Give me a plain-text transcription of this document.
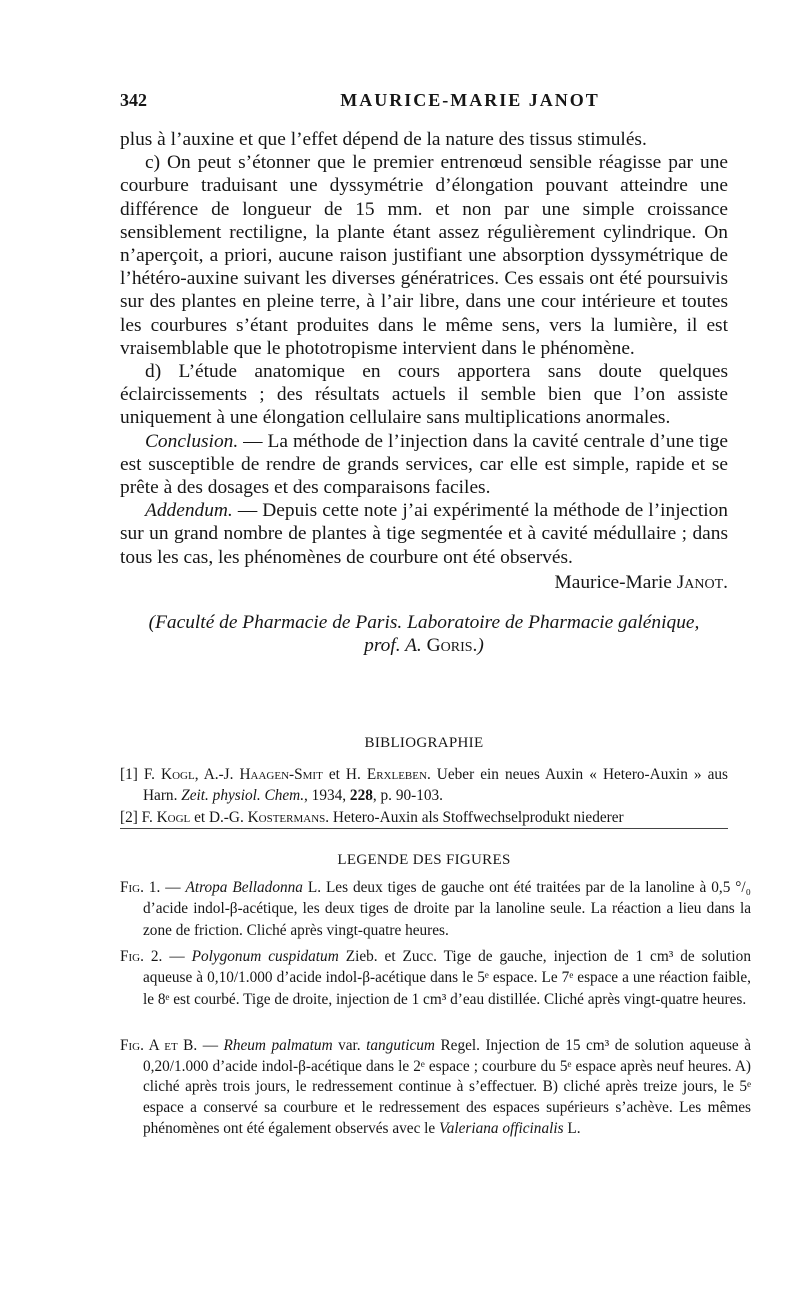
342	MAURICE-MARIE JANOT

plus à l’auxine et que l’effet dépend de la nature des tissus stimulés.

c) On peut s’étonner que le premier entrenœud sensible réagisse par une courbure traduisant une dyssymétrie d’élongation pouvant atteindre une différence de longueur de 15 mm. et non par une simple croissance sensiblement rectiligne, la plante étant assez régulièrement cylindrique. On n’aperçoit, a priori, aucune raison justifiant une absorption dyssymétrique de l’hétéro-auxine suivant les diverses génératrices. Ces essais ont été poursuivis sur des plantes en pleine terre, à l’air libre, dans une cour intérieure et toutes les courbures s’étant produites dans le même sens, vers la lumière, il est vraisemblable que le phototropisme intervient dans le phénomène.

d) L’étude anatomique en cours apportera sans doute quelques éclaircissements ; des résultats actuels il semble bien que l’on assiste uniquement à une élongation cellulaire sans multiplications anormales.

Conclusion. — La méthode de l’injection dans la cavité centrale d’une tige est susceptible de rendre de grands services, car elle est simple, rapide et se prête à des dosages et des comparaisons faciles.

Addendum. — Depuis cette note j’ai expérimenté la méthode de l’injection sur un grand nombre de plantes à tige segmentée et à cavité médullaire ; dans tous les cas, les phénomènes de courbure ont été observés.

Maurice-Marie Janot.

(Faculté de Pharmacie de Paris. Laboratoire de Pharmacie galénique,

prof. A. Goris.)

BIBLIOGRAPHIE

[1] F. Kogl, A.-J. Haagen-Smit et H. Erxleben. Ueber ein neues Auxin « Hetero-Auxin » aus Harn. Zeit. physiol. Chem., 1934, 228, p. 90-103.

[2] F. Kogl et D.-G. Kostermans. Hetero-Auxin als Stoffwechselprodukt niederer

LEGENDE DES FIGURES

Fig. 1. — Atropa Belladonna L. Les deux tiges de gauche ont été traitées par de la lanoline à 0,5 °/₀ d’acide indol-β-acétique, les deux tiges de droite par la lanoline seule. La réaction a lieu dans la zone de friction. Cliché après vingt-quatre heures.

Fig. 2. — Polygonum cuspidatum Zieb. et Zucc. Tige de gauche, injection de 1 cm³ de solution aqueuse à 0,10/1.000 d’acide indol-β-acétique dans le 5ᵉ espace. Le 7ᵉ espace a une réaction faible, le 8ᵉ est courbé. Tige de droite, injection de 1 cm³ d’eau distillée. Cliché après vingt-quatre heures.

Fig. A et B. — Rheum palmatum var. tanguticum Regel. Injection de 15 cm³ de solution aqueuse à 0,20/1.000 d’acide indol-β-acétique dans le 2ᵉ espace ; courbure du 5ᵉ espace après neuf heures. A) cliché après trois jours, le redressement continue à s’effectuer. B) cliché après treize jours, le 5ᵉ espace a conservé sa courbure et le redressement des espaces supérieurs s’achève. Les mêmes phénomènes ont été également observés avec le Valeriana officinalis L.
